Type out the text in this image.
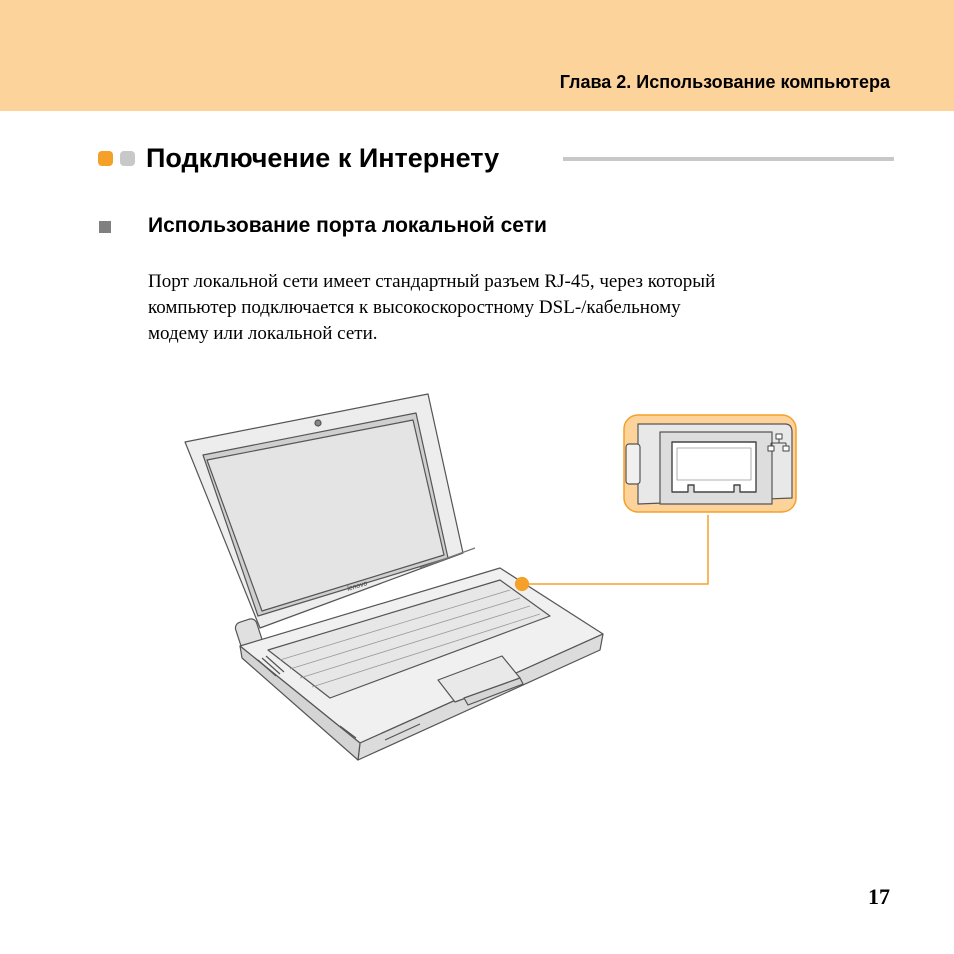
Глава 2. Использование компьютера
Подключение к Интернету
Использование порта локальной сети
Порт локальной сети имеет стандартный разъем RJ-45, через который
компьютер подключается к высокоскоростному DSL-/кабельному
модему или локальной сети.
lenovo
17
